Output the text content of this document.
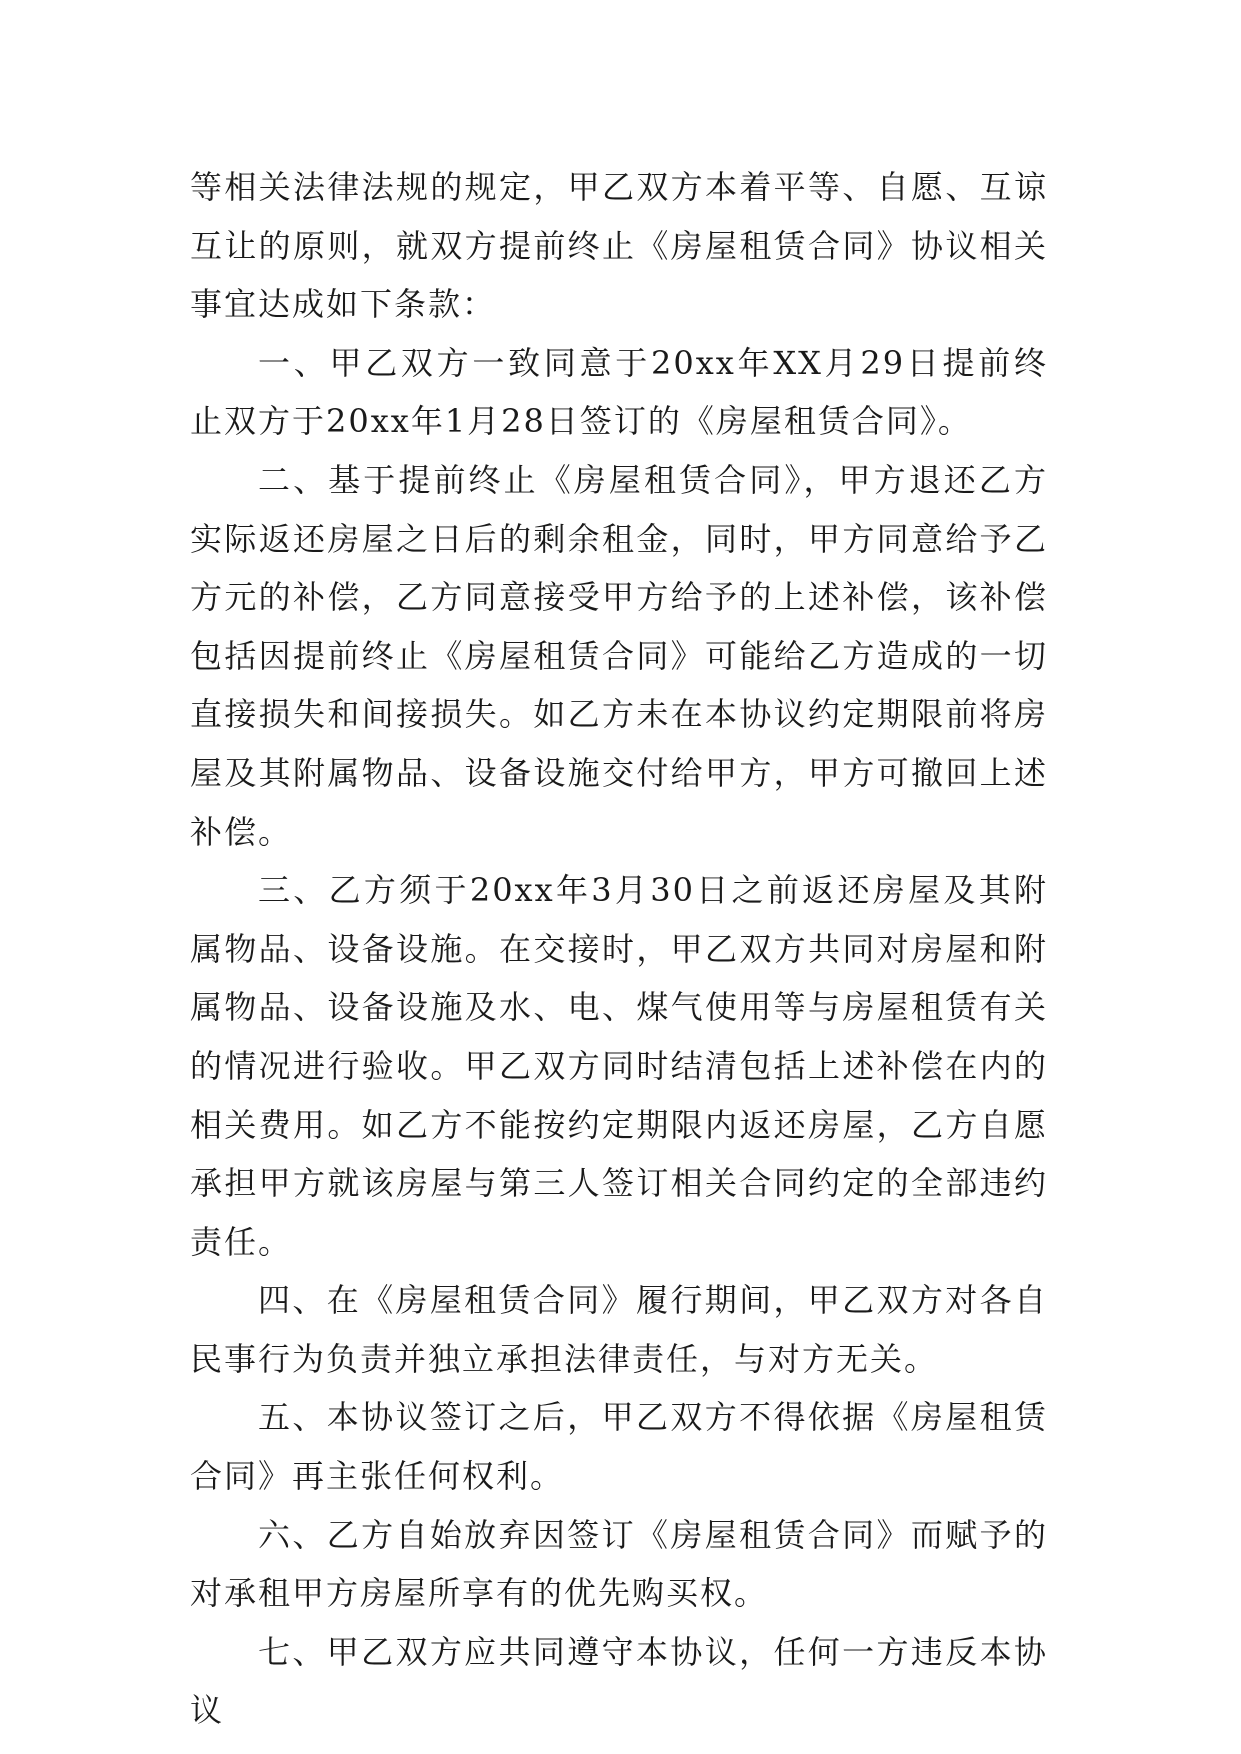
等相关法律法规的规定，甲乙双方本着平等、自愿、互谅互让的原则，就双方提前终止《房屋租赁合同》协议相关事宜达成如下条款：

一、甲乙双方一致同意于20xx年XX月29日提前终止双方于20xx年1月28日签订的《房屋租赁合同》。

二、基于提前终止《房屋租赁合同》，甲方退还乙方实际返还房屋之日后的剩余租金，同时，甲方同意给予乙方元的补偿，乙方同意接受甲方给予的上述补偿，该补偿包括因提前终止《房屋租赁合同》可能给乙方造成的一切直接损失和间接损失。如乙方未在本协议约定期限前将房屋及其附属物品、设备设施交付给甲方，甲方可撤回上述补偿。

三、乙方须于20xx年3月30日之前返还房屋及其附属物品、设备设施。在交接时，甲乙双方共同对房屋和附属物品、设备设施及水、电、煤气使用等与房屋租赁有关的情况进行验收。甲乙双方同时结清包括上述补偿在内的相关费用。如乙方不能按约定期限内返还房屋，乙方自愿承担甲方就该房屋与第三人签订相关合同约定的全部违约责任。

四、在《房屋租赁合同》履行期间，甲乙双方对各自民事行为负责并独立承担法律责任，与对方无关。

五、本协议签订之后，甲乙双方不得依据《房屋租赁合同》再主张任何权利。

六、乙方自始放弃因签订《房屋租赁合同》而赋予的对承租甲方房屋所享有的优先购买权。

七、甲乙双方应共同遵守本协议，任何一方违反本协议
